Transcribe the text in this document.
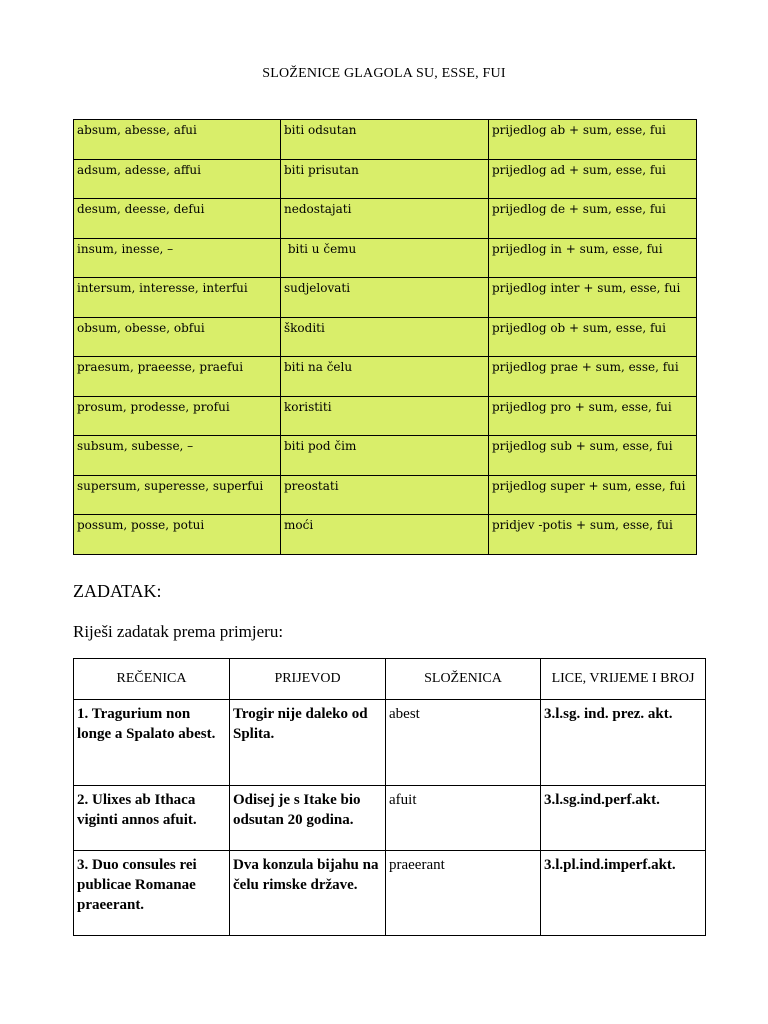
SLOŽENICE GLAGOLA SU, ESSE, FUI
absum, abesse, afui	biti odsutan	prijedlog ab + sum, esse, fui
adsum, adesse, affui	biti prisutan	prijedlog ad + sum, esse, fui
desum, deesse, defui	nedostajati	prijedlog de + sum, esse, fui
insum, inesse, –	biti u čemu	prijedlog in + sum, esse, fui
intersum, interesse, interfui	sudjelovati	prijedlog inter + sum, esse, fui
obsum, obesse, obfui	škoditi	prijedlog ob + sum, esse, fui
praesum, praeesse, praefui	biti na čelu	prijedlog prae + sum, esse, fui
prosum, prodesse, profui	koristiti	prijedlog pro + sum, esse, fui
subsum, subesse, –	biti pod čim	prijedlog sub + sum, esse, fui
supersum, superesse, superfui	preostati	prijedlog super + sum, esse, fui
possum, posse, potui	moći	pridjev -potis + sum, esse, fui
ZADATAK:
Riješi zadatak prema primjeru:
REČENICA	PRIJEVOD	SLOŽENICA	LICE, VRIJEME I BROJ
1. Tragurium non longe a Spalato abest.	Trogir nije daleko od Splita.	abest	3.l.sg. ind. prez. akt.
2. Ulixes ab Ithaca viginti annos afuit.	Odisej je s Itake bio odsutan 20 godina.	afuit	3.l.sg.ind.perf.akt.
3. Duo consules rei publicae Romanae praeerant.	Dva konzula bijahu na čelu rimske države.	praeerant	3.l.pl.ind.imperf.akt.
